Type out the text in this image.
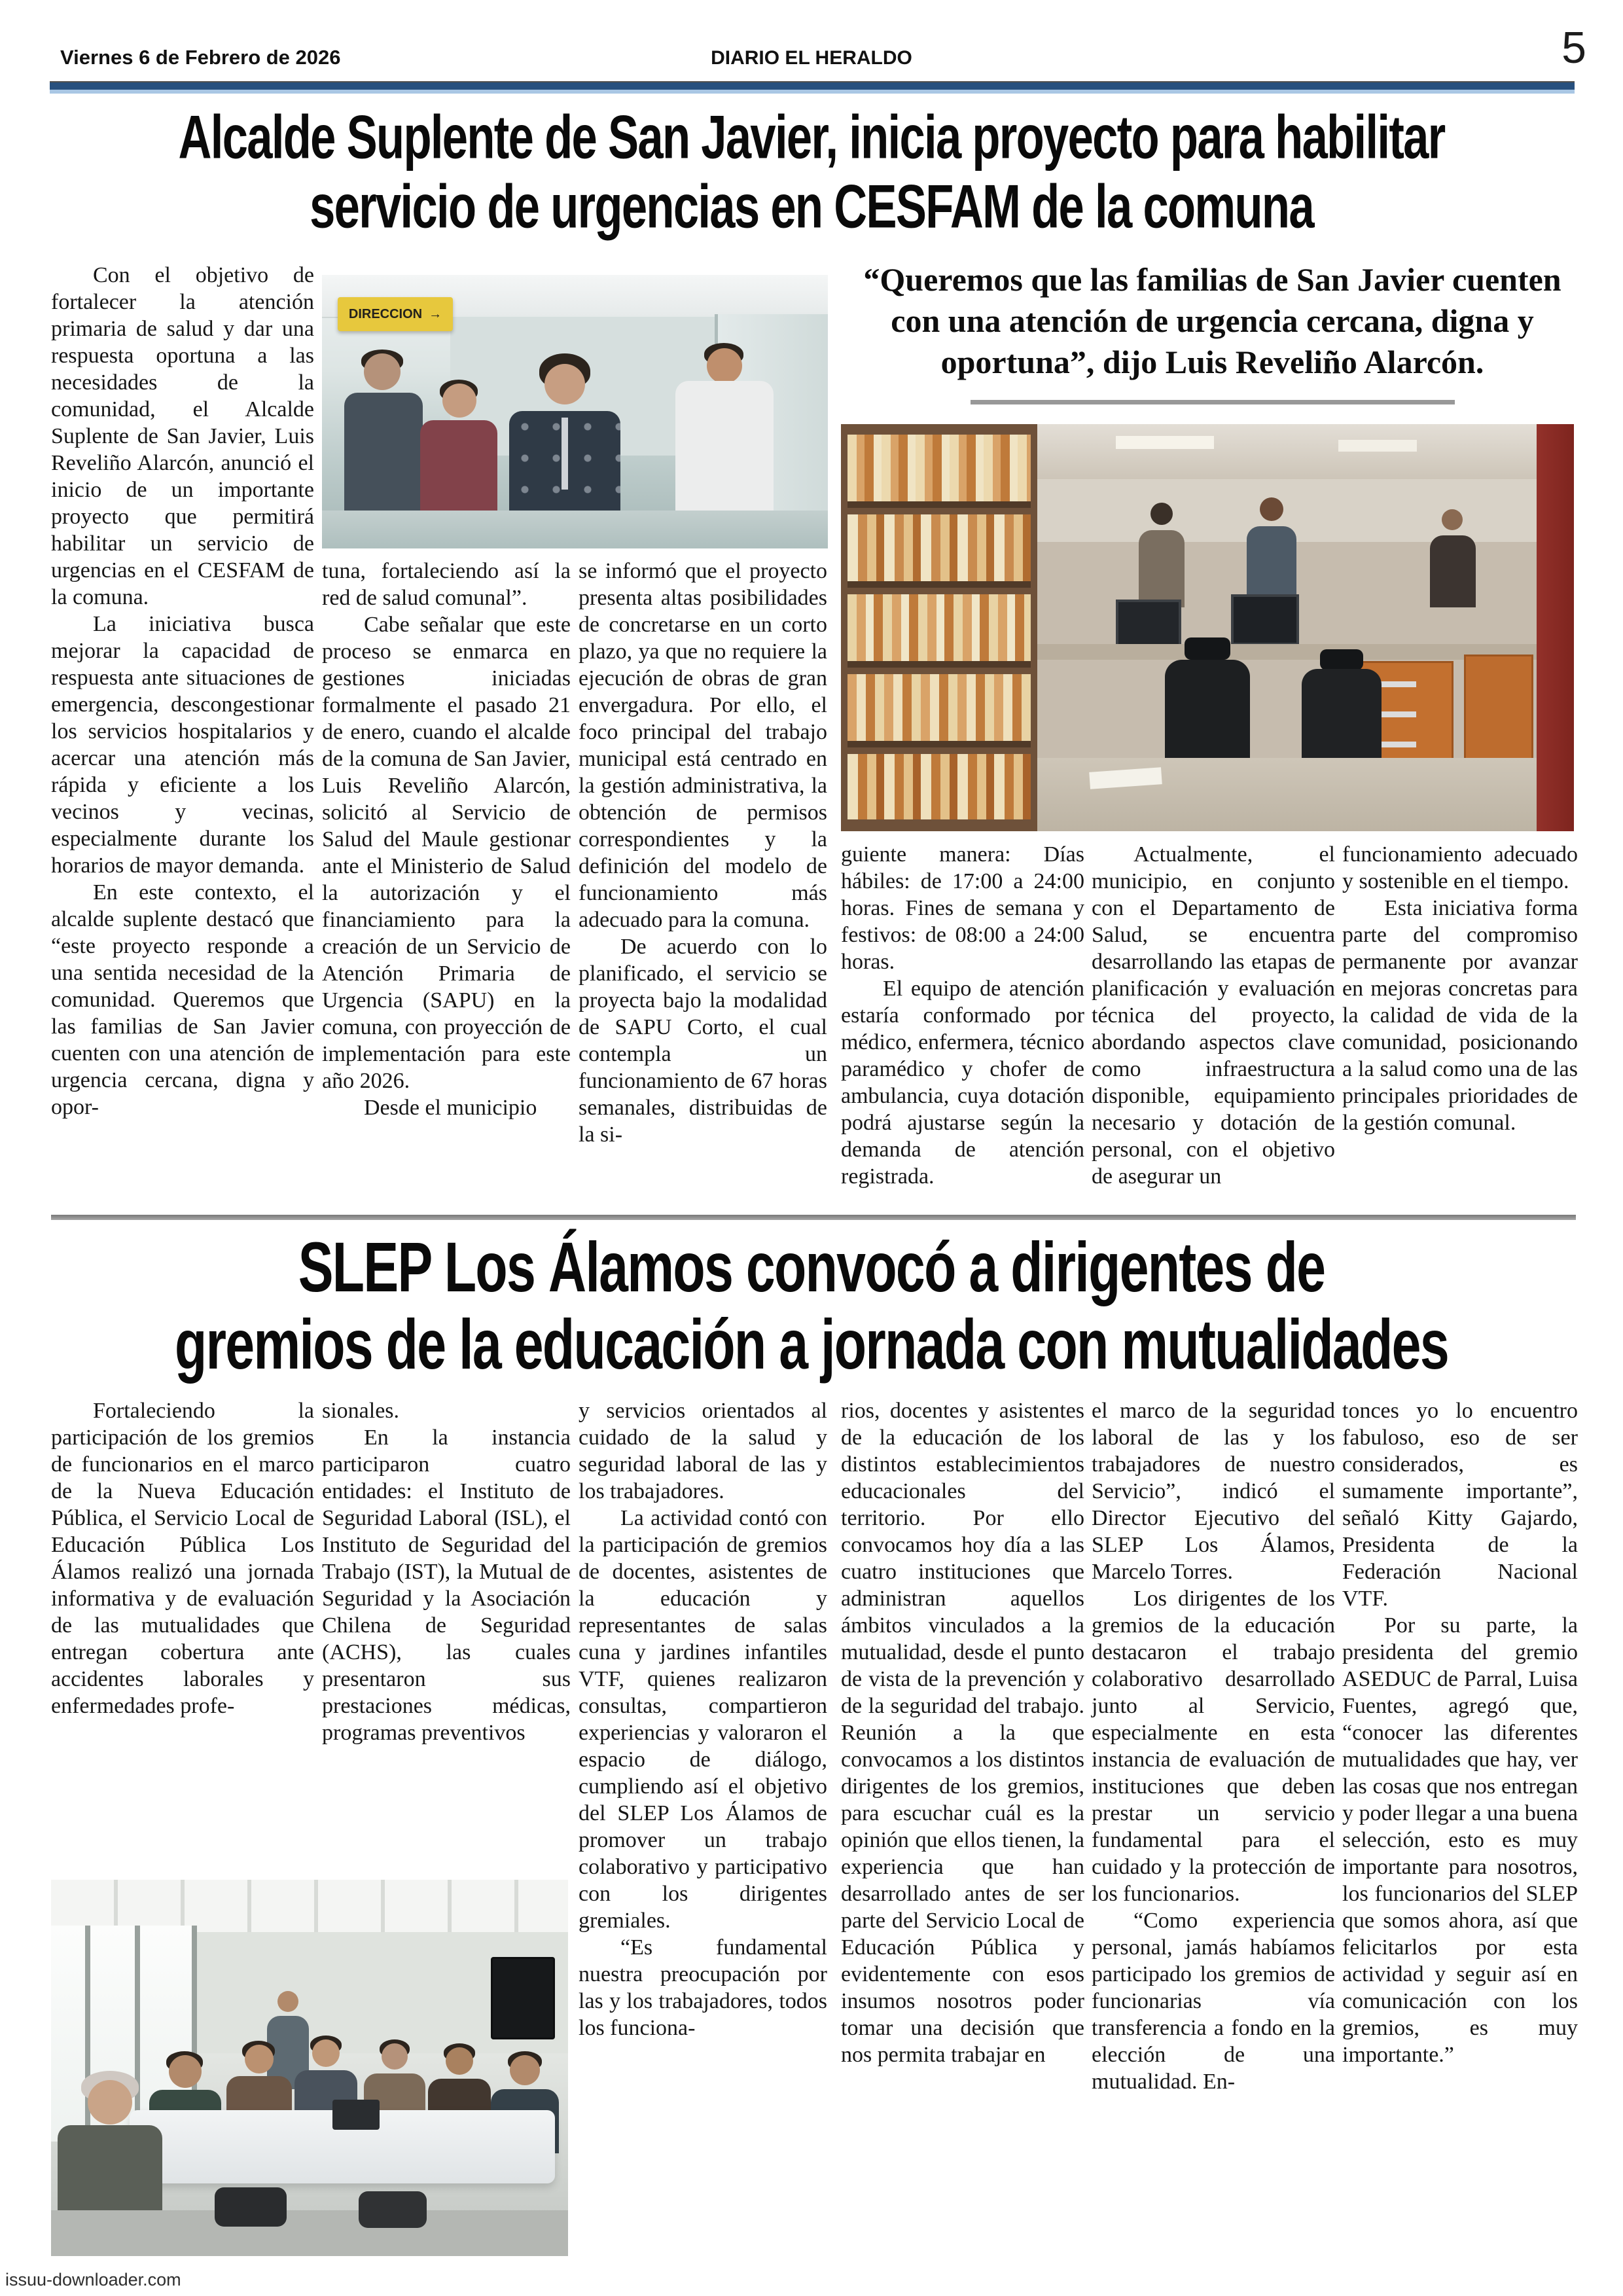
Viernes 6 de Febrero de 2026	DIARIO EL HERALDO	5
Alcalde Suplente de San Javier, inicia proyecto para habilitar
servicio de urgencias en CESFAM de la comuna
DIRECCION →
“Queremos que las familias de San Javier cuenten con una atención de urgencia cercana, digna y oportuna”, dijo Luis Reveliño Alarcón.

Con el objetivo de fortalecer la atención primaria de salud y dar una respuesta oportuna a las necesidades de la comunidad, el Alcalde Suplente de San Javier, Luis Reveliño Alarcón, anunció el inicio de un importante proyecto que permitirá habilitar un servicio de urgencias en el CESFAM de la comuna.

La iniciativa busca mejorar la capacidad de respuesta ante situaciones de emergencia, descongestionar los servicios hospitalarios y acercar una atención más rápida y eficiente a los vecinos y vecinas, especialmente durante los horarios de mayor demanda.

En este contexto, el alcalde suplente destacó que “este proyecto responde a una sentida necesidad de la comunidad. Queremos que las familias de San Javier cuenten con una atención de urgencia cercana, digna y opor-

tuna, fortaleciendo así la red de salud comunal”.

Cabe señalar que este proceso se enmarca en gestiones iniciadas formalmente el pasado 21 de enero, cuando el alcalde de la comuna de San Javier, Luis Reveliño Alarcón, solicitó al Servicio de Salud del Maule gestionar ante el Ministerio de Salud la autorización y el financiamiento para la creación de un Servicio de Atención Primaria de Urgencia (SAPU) en la comuna, con proyección de implementación para este año 2026.

Desde el municipio

se informó que el proyecto presenta altas posibilidades de concretarse en un corto plazo, ya que no requiere la ejecución de obras de gran envergadura. Por ello, el foco principal del trabajo municipal está centrado en la gestión administrativa, la obtención de permisos correspondientes y la definición del modelo de funcionamiento más adecuado para la comuna.

De acuerdo con lo planificado, el servicio se proyecta bajo la modalidad de SAPU Corto, el cual contempla un funcionamiento de 67 horas semanales, distribuidas de la si-

guiente manera: Días hábiles: de 17:00 a 24:00 horas. Fines de semana y festivos: de 08:00 a 24:00 horas.

El equipo de atención estaría conformado por médico, enfermera, técnico paramédico y chofer de ambulancia, cuya dotación podrá ajustarse según la demanda de atención registrada.

Actualmente, el municipio, en conjunto con el Departamento de Salud, se encuentra desarrollando las etapas de planificación y evaluación técnica del proyecto, abordando aspectos clave como infraestructura disponible, equipamiento necesario y dotación de personal, con el objetivo de asegurar un

funcionamiento adecuado y sostenible en el tiempo.

Esta iniciativa forma parte del compromiso permanente por avanzar en mejoras concretas para la calidad de vida de la comunidad, posicionando a la salud como una de las principales prioridades de la gestión comunal.

SLEP Los Álamos convocó a dirigentes de
gremios de la educación a jornada con mutualidades

Fortaleciendo la participación de los gremios de funcionarios en el marco de la Nueva Educación Pública, el Servicio Local de Educación Pública Los Álamos realizó una jornada informativa y de evaluación de las mutualidades que entregan cobertura ante accidentes laborales y enfermedades profe-

sionales.

En la instancia participaron cuatro entidades: el Instituto de Seguridad Laboral (ISL), el Instituto de Seguridad del Trabajo (IST), la Mutual de Seguridad y la Asociación Chilena de Seguridad (ACHS), las cuales presentaron sus prestaciones médicas, programas preventivos

y servicios orientados al cuidado de la salud y seguridad laboral de las y los trabajadores.

La actividad contó con la participación de gremios de docentes, asistentes de la educación y representantes de salas cuna y jardines infantiles VTF, quienes realizaron consultas, compartieron experiencias y valoraron el espacio de diálogo, cumpliendo así el objetivo del SLEP Los Álamos de promover un trabajo colaborativo y participativo con los dirigentes gremiales.

“Es fundamental nuestra preocupación por las y los trabajadores, todos los funciona-

rios, docentes y asistentes de la educación de los distintos establecimientos educacionales del territorio. Por ello convocamos hoy día a las cuatro instituciones que administran aquellos ámbitos vinculados a la mutualidad, desde el punto de vista de la prevención y de la seguridad del trabajo. Reunión a la que convocamos a los distintos dirigentes de los gremios, para escuchar cuál es la opinión que ellos tienen, la experiencia que han desarrollado antes de ser parte del Servicio Local de Educación Pública y evidentemente con esos insumos nosotros poder tomar una decisión que nos permita trabajar en

el marco de la seguridad laboral de las y los trabajadores de nuestro Servicio”, indicó el Director Ejecutivo del SLEP Los Álamos, Marcelo Torres.

Los dirigentes de los gremios de la educación destacaron el trabajo colaborativo desarrollado junto al Servicio, especialmente en esta instancia de evaluación de instituciones que deben prestar un servicio fundamental para el cuidado y la protección de los funcionarios.

“Como experiencia personal, jamás habíamos participado los gremios de funcionarias vía transferencia a fondo en la elección de una mutualidad. En-

tonces yo lo encuentro fabuloso, eso de ser considerados, es sumamente importante”, señaló Kitty Gajardo, Presidenta de la Federación Nacional VTF.

Por su parte, la presidenta del gremio ASEDUC de Parral, Luisa Fuentes, agregó que, “conocer las diferentes mutualidades que hay, ver las cosas que nos entregan y poder llegar a una buena selección, esto es muy importante para nosotros, los funcionarios del SLEP que somos ahora, así que felicitarlos por esta actividad y seguir así en comunicación con los gremios, es muy importante.”

issuu-downloader.com
